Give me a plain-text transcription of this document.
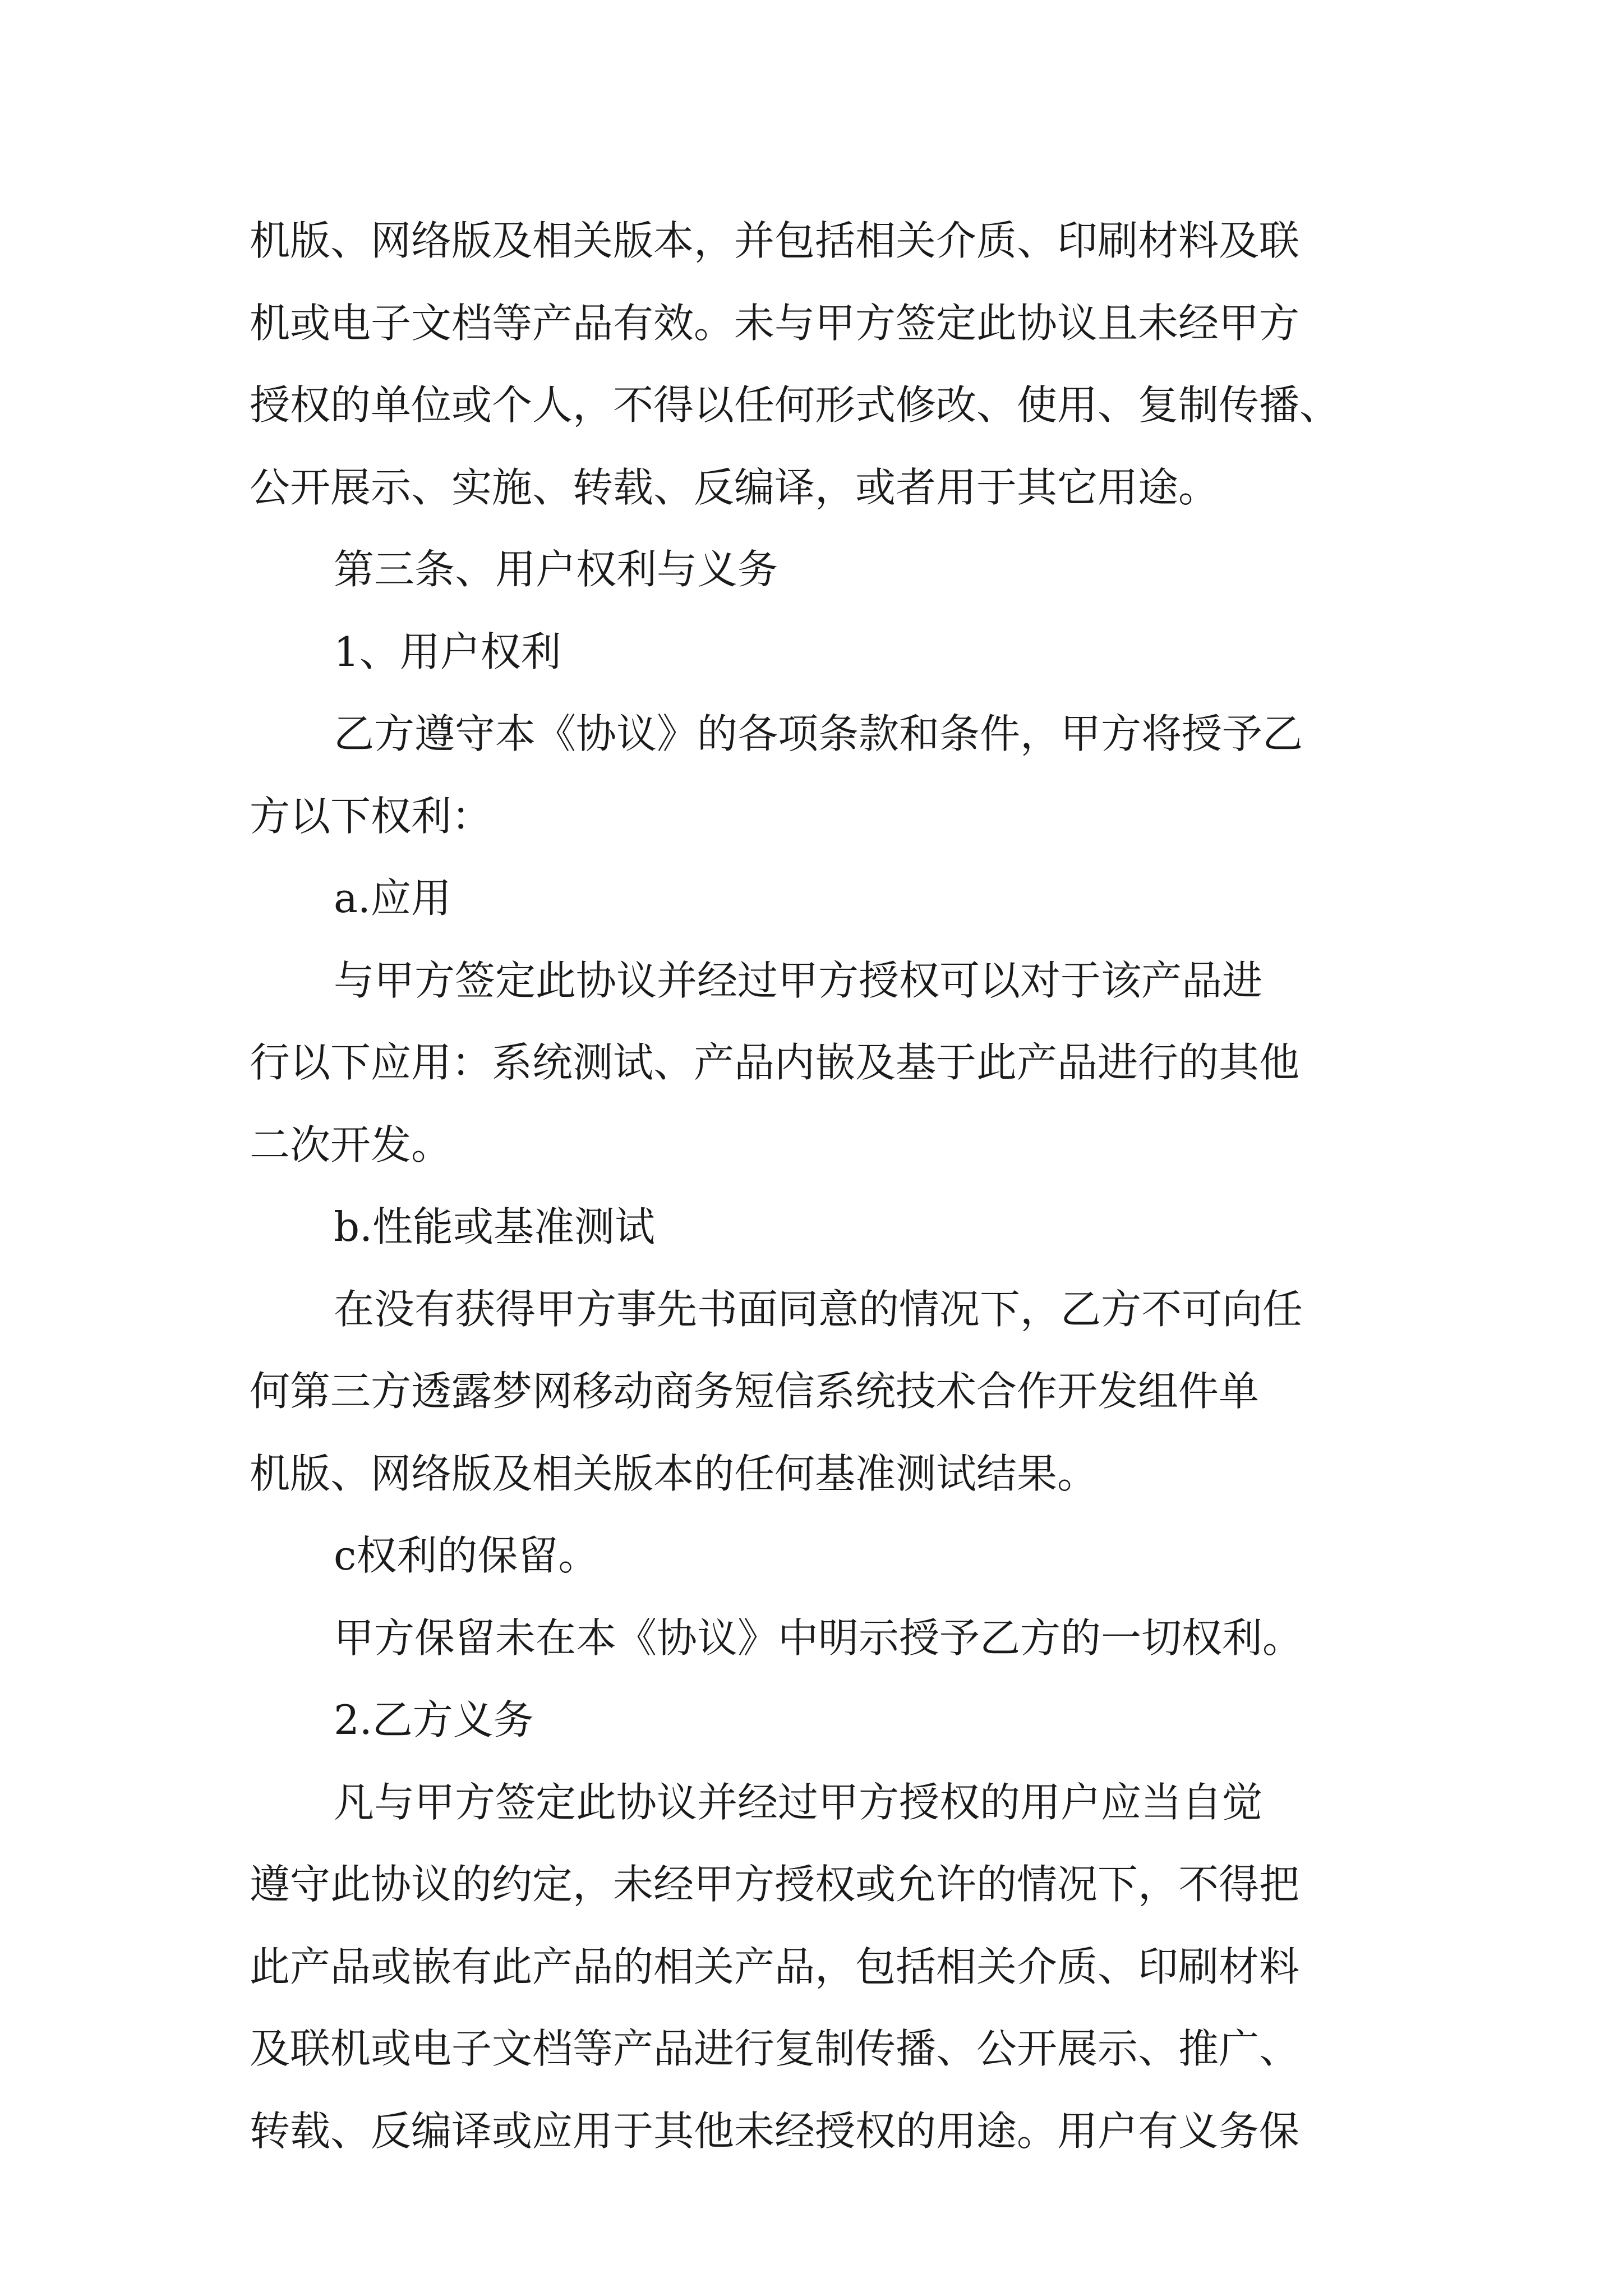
机版、网络版及相关版本，并包括相关介质、印刷材料及联
机或电子文档等产品有效。未与甲方签定此协议且未经甲方
授权的单位或个人，不得以任何形式修改、使用、复制传播、
公开展示、实施、转载、反编译，或者用于其它用途。
第三条、用户权利与义务
1、用户权利
乙方遵守本《协议》的各项条款和条件，甲方将授予乙
方以下权利：
a.应用
与甲方签定此协议并经过甲方授权可以对于该产品进
行以下应用：系统测试、产品内嵌及基于此产品进行的其他
二次开发。
b.性能或基准测试
在没有获得甲方事先书面同意的情况下，乙方不可向任
何第三方透露梦网移动商务短信系统技术合作开发组件单
机版、网络版及相关版本的任何基准测试结果。
c权利的保留。
甲方保留未在本《协议》中明示授予乙方的一切权利。
2.乙方义务
凡与甲方签定此协议并经过甲方授权的用户应当自觉
遵守此协议的约定，未经甲方授权或允许的情况下，不得把
此产品或嵌有此产品的相关产品，包括相关介质、印刷材料
及联机或电子文档等产品进行复制传播、公开展示、推广、
转载、反编译或应用于其他未经授权的用途。用户有义务保
